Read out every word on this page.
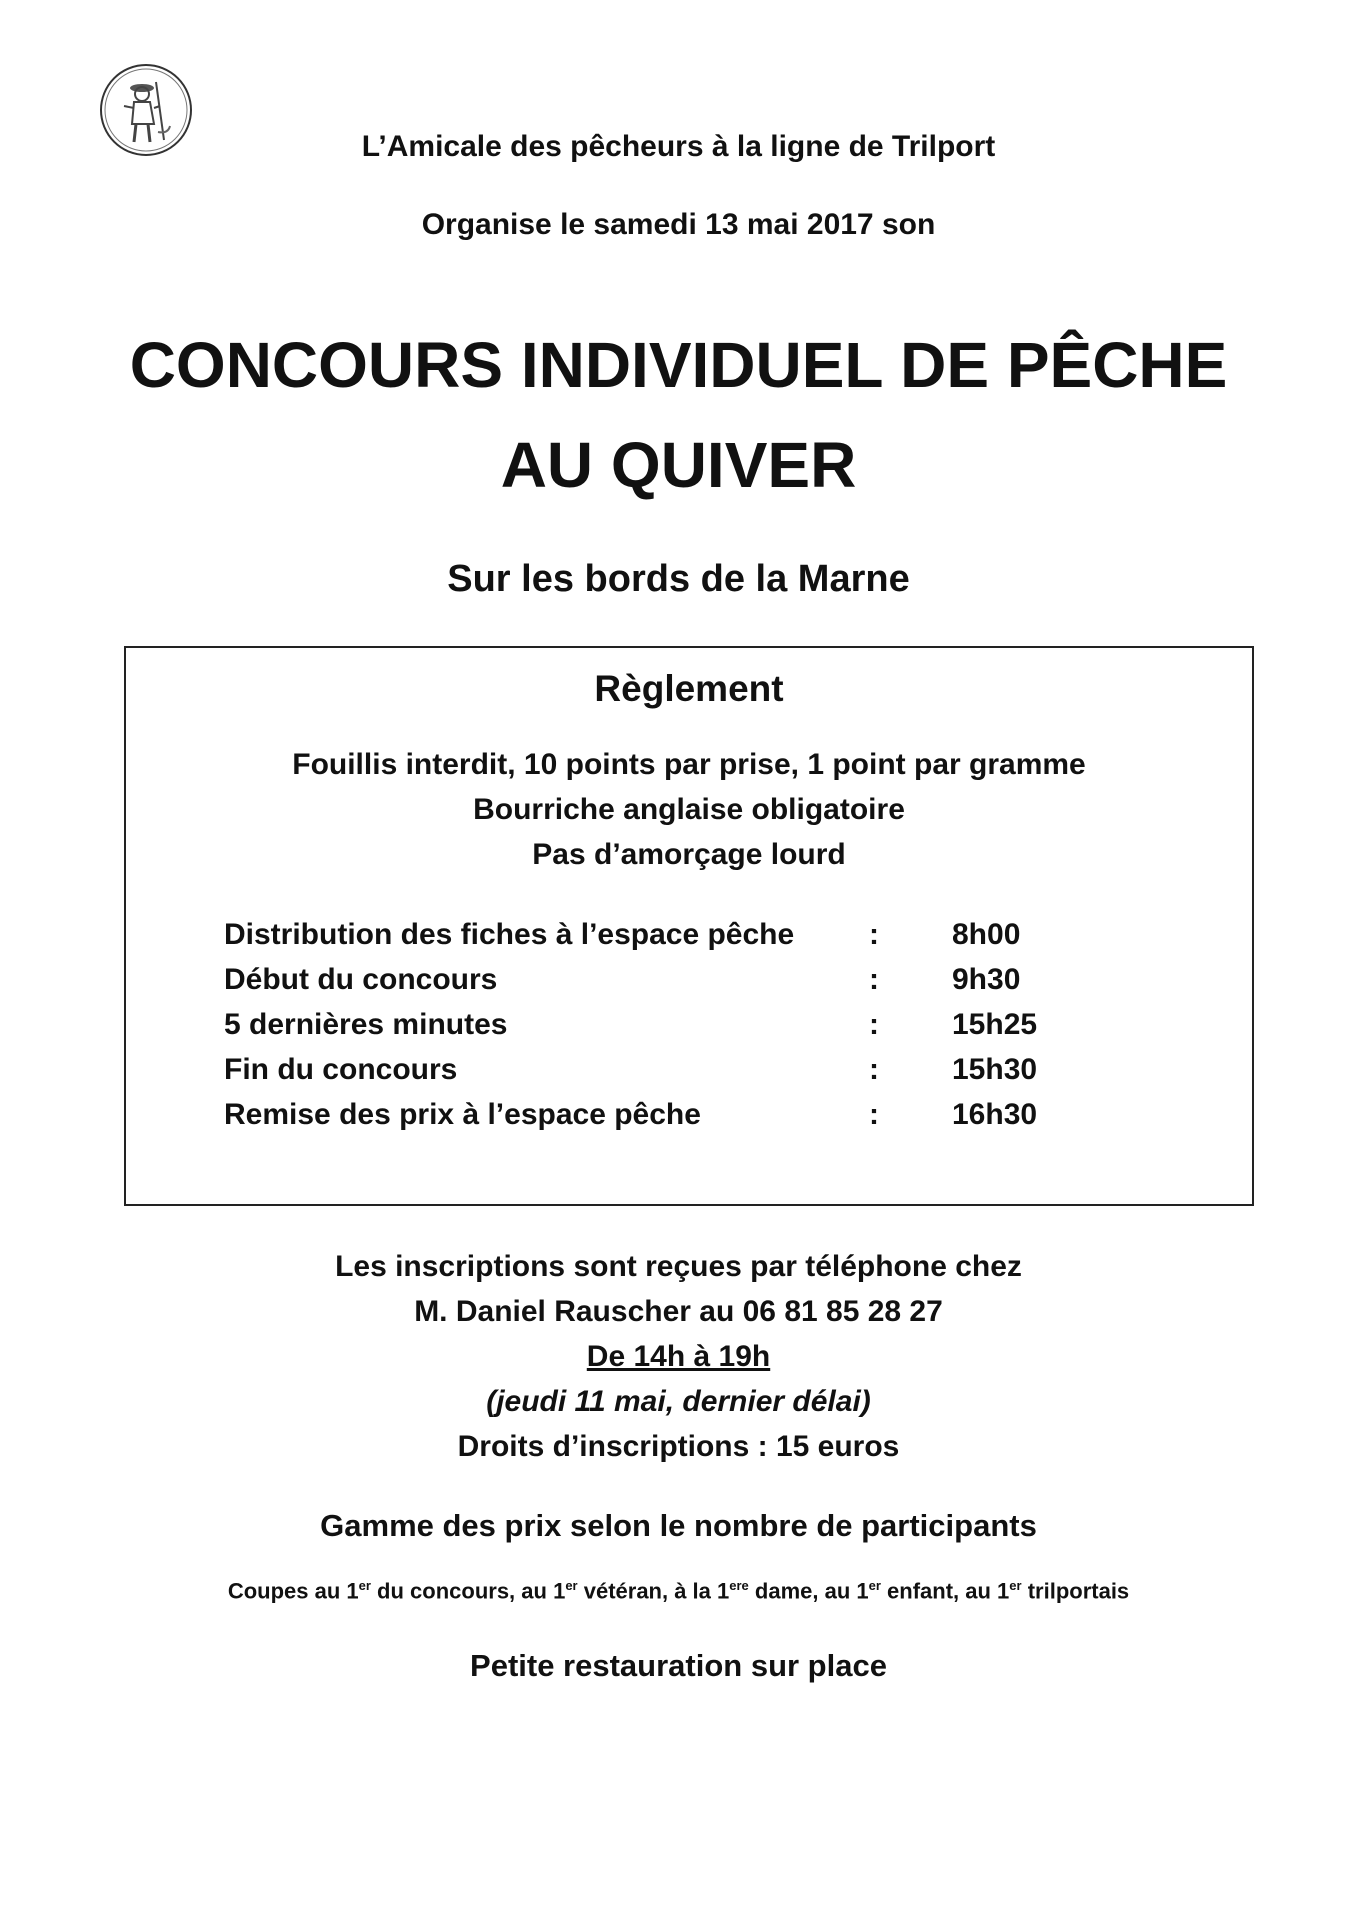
L’Amicale des pêcheurs à la ligne de Trilport
Organise le samedi 13 mai 2017 son
CONCOURS INDIVIDUEL DE PÊCHE
AU QUIVER
Sur les bords de la Marne
Règlement
Fouillis interdit, 10 points par prise, 1 point par gramme
Bourriche anglaise obligatoire
Pas d’amorçage lourd
Distribution des fiches à l’espace pêche : 8h00
Début du concours	: 9h30
5 dernières minutes	: 15h25
Fin du concours	: 15h30
Remise des prix à l’espace pêche	: 16h30
Les inscriptions sont reçues par téléphone chez
M. Daniel Rauscher au 06 81 85 28 27
De 14h à 19h
(jeudi 11 mai, dernier délai)
Droits d’inscriptions : 15 euros
Gamme des prix selon le nombre de participants
Coupes au 1er du concours, au 1er vétéran, à la 1ere dame, au 1er enfant, au 1er trilportais
Petite restauration sur place
